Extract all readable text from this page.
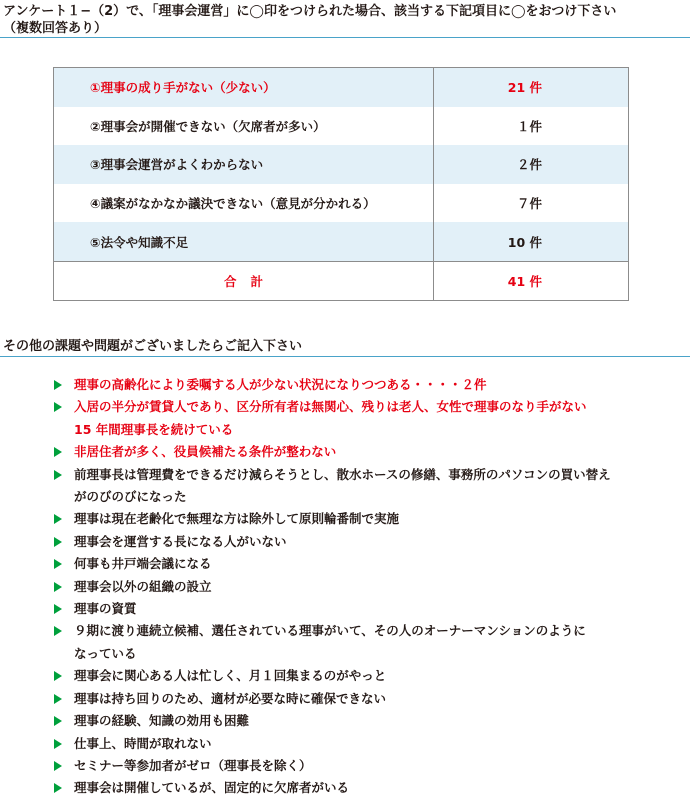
アンケート１−（2）で、「理事会運営」に◯印をつけられた場合、該当する下記項目に◯をおつけ下さい
（複数回答あり）
①理事の成り手がない（少ない）	21 件
②理事会が開催できない（欠席者が多い）	１件
③理事会運営がよくわからない	２件
④議案がなかなか議決できない（意見が分かれる）	７件
⑤法令や知識不足	10 件
合計	41 件
その他の課題や問題がございましたらご記入下さい
理事の高齢化により委嘱する人が少ない状況になりつつある・・・・２件
入居の半分が賃貸人であり、区分所有者は無関心、残りは老人、女性で理事のなり手がない
15 年間理事長を続けている
非居住者が多く、役員候補たる条件が整わない
前理事長は管理費をできるだけ減らそうとし、散水ホースの修繕、事務所のパソコンの買い替え
がのびのびになった
理事は現在老齢化で無理な方は除外して原則輪番制で実施
理事会を運営する長になる人がいない
何事も井戸端会議になる
理事会以外の組織の設立
理事の資質
９期に渡り連続立候補、選任されている理事がいて、その人のオーナーマンションのように
なっている
理事会に関心ある人は忙しく、月１回集まるのがやっと
理事は持ち回りのため、適材が必要な時に確保できない
理事の経験、知識の効用も困難
仕事上、時間が取れない
セミナー等参加者がゼロ（理事長を除く）
理事会は開催しているが、固定的に欠席者がいる
